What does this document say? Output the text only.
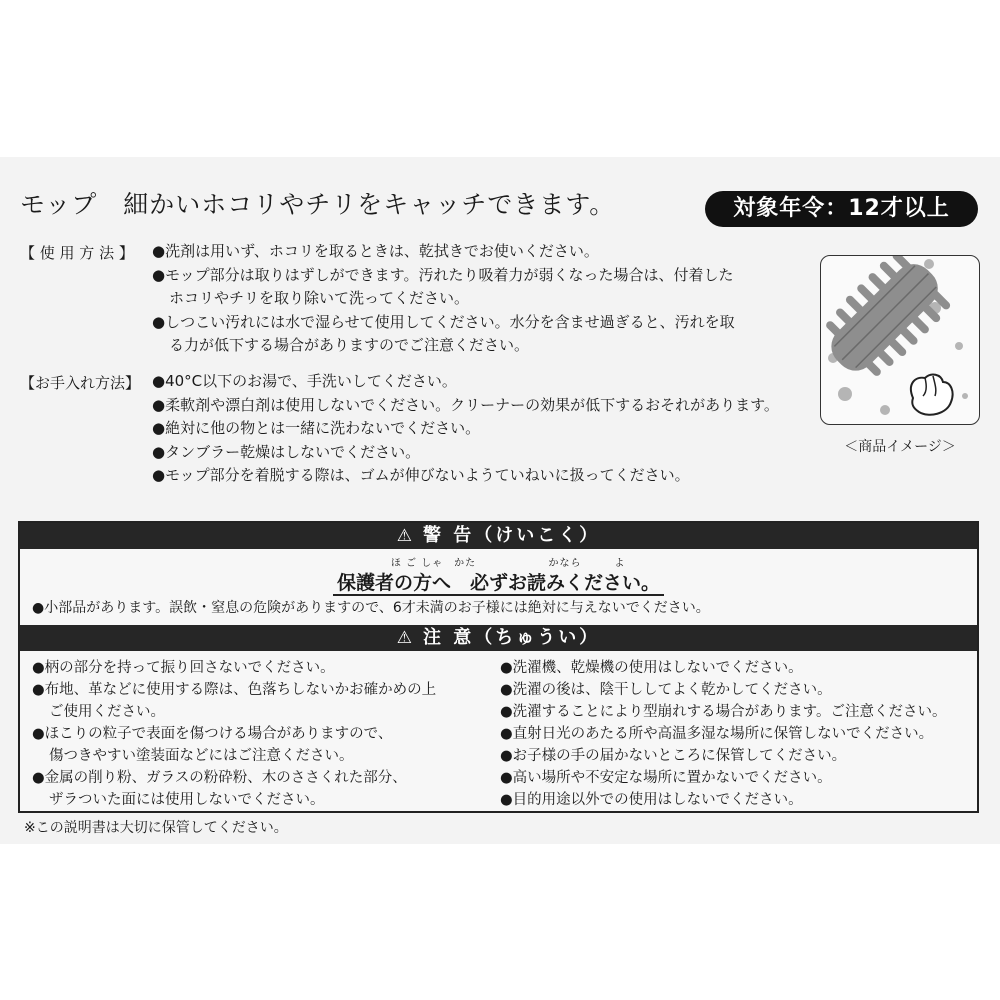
モップ 細かいホコリやチリをキャッチできます。	対象年令：12才以上
【 使 用 方 法 】 ●洗剤は用いず、ホコリを取るときは、乾拭きでお使いください。
●モップ部分は取りはずしができます。汚れたり吸着力が弱くなった場合は、付着した
ホコリやチリを取り除いて洗ってください。
●しつこい汚れには水で湿らせて使用してください。水分を含ませ過ぎると、汚れを取
る力が低下する場合がありますのでご注意ください。
【お手入れ方法】 ●40°C以下のお湯で、手洗いしてください。
●柔軟剤や漂白剤は使用しないでください。クリーナーの効果が低下するおそれがあります。
●絶対に他の物とは一緒に洗わないでください。
●タンブラー乾燥はしないでください。
●モップ部分を着脱する際は、ゴムが伸びないようていねいに扱ってください。
＜商品イメージ＞
⚠ 警 告（けいこく）
ほ ご しゃ　かた	かなら　　　よ
保護者の方へ　必ずお読みください。
●小部品があります。誤飲・窒息の危険がありますので、6才未満のお子様には絶対に与えないでください。
⚠ 注 意（ちゅうい）
●柄の部分を持って振り回さないでください。
●布地、革などに使用する際は、色落ちしないかお確かめの上
ご使用ください。
●ほこりの粒子で表面を傷つける場合がありますので、
傷つきやすい塗装面などにはご注意ください。
●金属の削り粉、ガラスの粉砕粉、木のささくれた部分、
ザラついた面には使用しないでください。
●洗濯機、乾燥機の使用はしないでください。
●洗濯の後は、陰干ししてよく乾かしてください。
●洗濯することにより型崩れする場合があります。ご注意ください。
●直射日光のあたる所や高温多湿な場所に保管しないでください。
●お子様の手の届かないところに保管してください。
●高い場所や不安定な場所に置かないでください。
●目的用途以外での使用はしないでください。
※この説明書は大切に保管してください。
